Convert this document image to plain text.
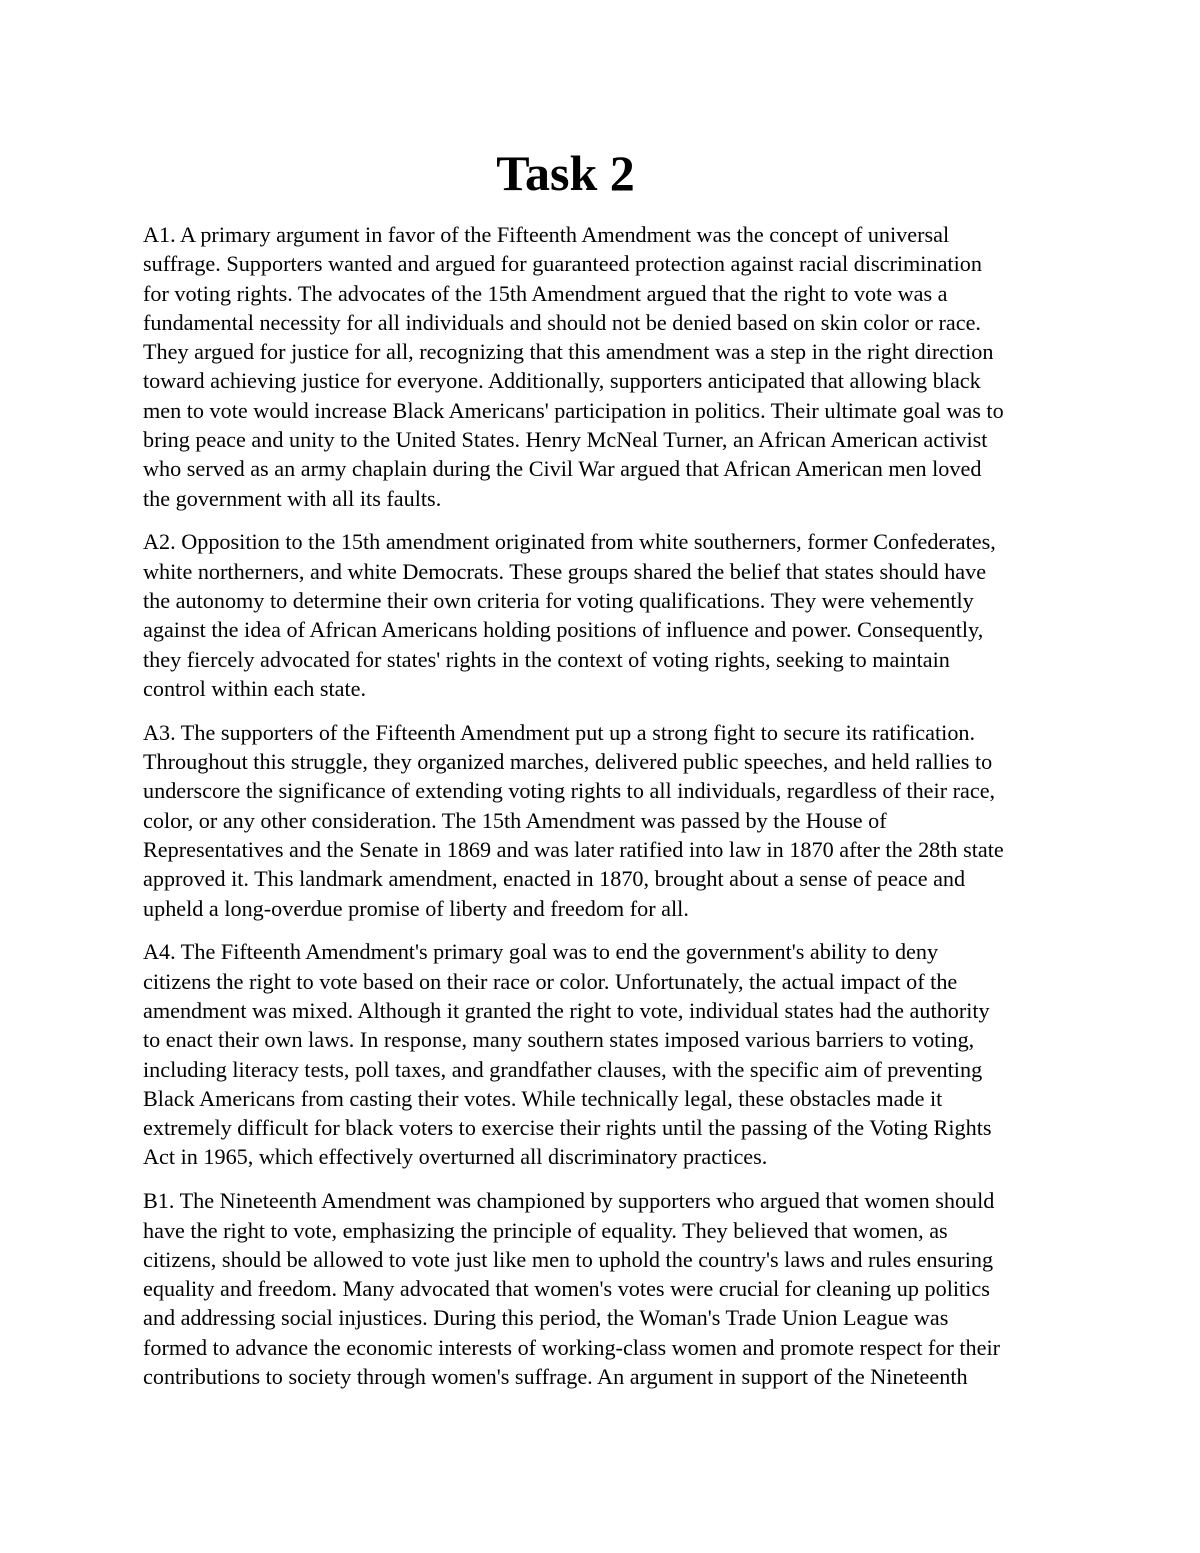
Task 2

A1. A primary argument in favor of the Fifteenth Amendment was the concept of universal
suffrage. Supporters wanted and argued for guaranteed protection against racial discrimination
for voting rights. The advocates of the 15th Amendment argued that the right to vote was a
fundamental necessity for all individuals and should not be denied based on skin color or race.
They argued for justice for all, recognizing that this amendment was a step in the right direction
toward achieving justice for everyone. Additionally, supporters anticipated that allowing black
men to vote would increase Black Americans' participation in politics. Their ultimate goal was to
bring peace and unity to the United States. Henry McNeal Turner, an African American activist
who served as an army chaplain during the Civil War argued that African American men loved
the government with all its faults.

A2. Opposition to the 15th amendment originated from white southerners, former Confederates,
white northerners, and white Democrats. These groups shared the belief that states should have
the autonomy to determine their own criteria for voting qualifications. They were vehemently
against the idea of African Americans holding positions of influence and power. Consequently,
they fiercely advocated for states' rights in the context of voting rights, seeking to maintain
control within each state.

A3. The supporters of the Fifteenth Amendment put up a strong fight to secure its ratification.
Throughout this struggle, they organized marches, delivered public speeches, and held rallies to
underscore the significance of extending voting rights to all individuals, regardless of their race,
color, or any other consideration. The 15th Amendment was passed by the House of
Representatives and the Senate in 1869 and was later ratified into law in 1870 after the 28th state
approved it. This landmark amendment, enacted in 1870, brought about a sense of peace and
upheld a long-overdue promise of liberty and freedom for all.

A4. The Fifteenth Amendment's primary goal was to end the government's ability to deny
citizens the right to vote based on their race or color. Unfortunately, the actual impact of the
amendment was mixed. Although it granted the right to vote, individual states had the authority
to enact their own laws. In response, many southern states imposed various barriers to voting,
including literacy tests, poll taxes, and grandfather clauses, with the specific aim of preventing
Black Americans from casting their votes. While technically legal, these obstacles made it
extremely difficult for black voters to exercise their rights until the passing of the Voting Rights
Act in 1965, which effectively overturned all discriminatory practices.

B1. The Nineteenth Amendment was championed by supporters who argued that women should
have the right to vote, emphasizing the principle of equality. They believed that women, as
citizens, should be allowed to vote just like men to uphold the country's laws and rules ensuring
equality and freedom. Many advocated that women's votes were crucial for cleaning up politics
and addressing social injustices. During this period, the Woman's Trade Union League was
formed to advance the economic interests of working-class women and promote respect for their
contributions to society through women's suffrage. An argument in support of the Nineteenth
